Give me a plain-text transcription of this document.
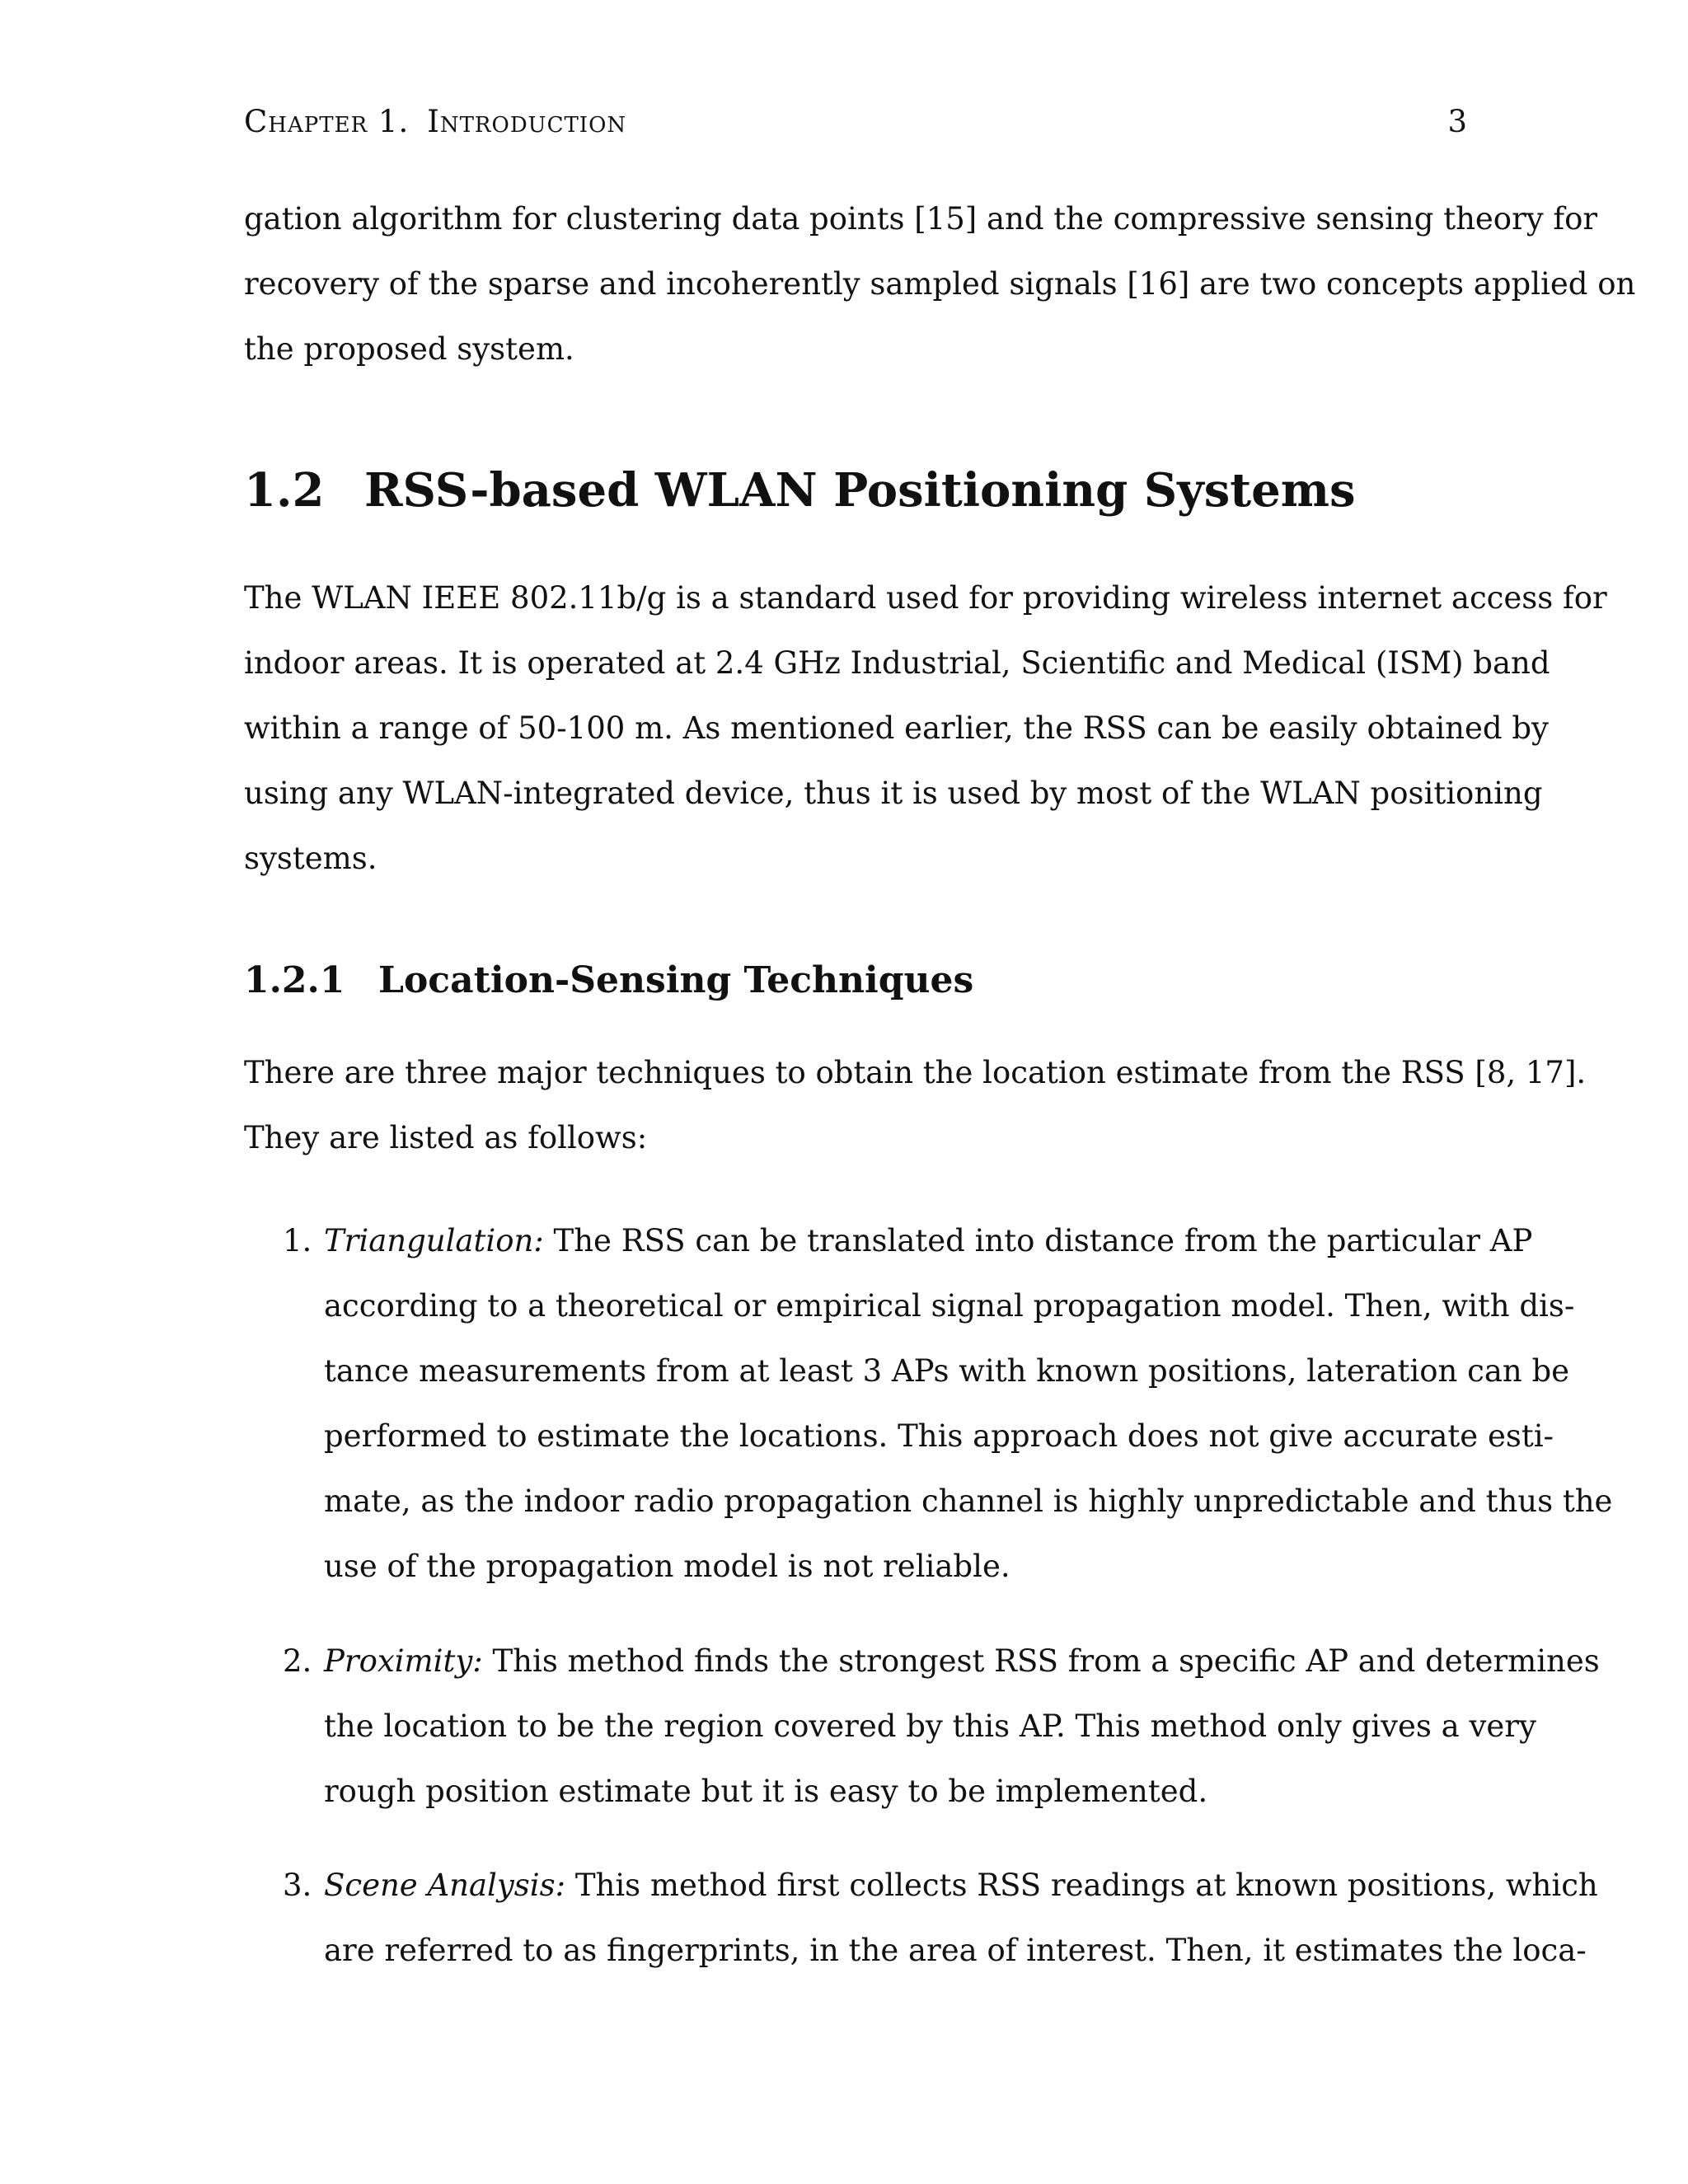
Chapter 1. Introduction	3
gation algorithm for clustering data points [15] and the compressive sensing theory for
recovery of the sparse and incoherently sampled signals [16] are two concepts applied on
the proposed system.
1.2 RSS-based WLAN Positioning Systems
The WLAN IEEE 802.11b/g is a standard used for providing wireless internet access for
indoor areas. It is operated at 2.4 GHz Industrial, Scientific and Medical (ISM) band
within a range of 50-100 m. As mentioned earlier, the RSS can be easily obtained by
using any WLAN-integrated device, thus it is used by most of the WLAN positioning
systems.
1.2.1 Location-Sensing Techniques
There are three major techniques to obtain the location estimate from the RSS [8, 17].
They are listed as follows:
1. Triangulation: The RSS can be translated into distance from the particular AP
according to a theoretical or empirical signal propagation model. Then, with dis-
tance measurements from at least 3 APs with known positions, lateration can be
performed to estimate the locations. This approach does not give accurate esti-
mate, as the indoor radio propagation channel is highly unpredictable and thus the
use of the propagation model is not reliable.
2. Proximity: This method finds the strongest RSS from a specific AP and determines
the location to be the region covered by this AP. This method only gives a very
rough position estimate but it is easy to be implemented.
3. Scene Analysis: This method first collects RSS readings at known positions, which
are referred to as fingerprints, in the area of interest. Then, it estimates the loca-
